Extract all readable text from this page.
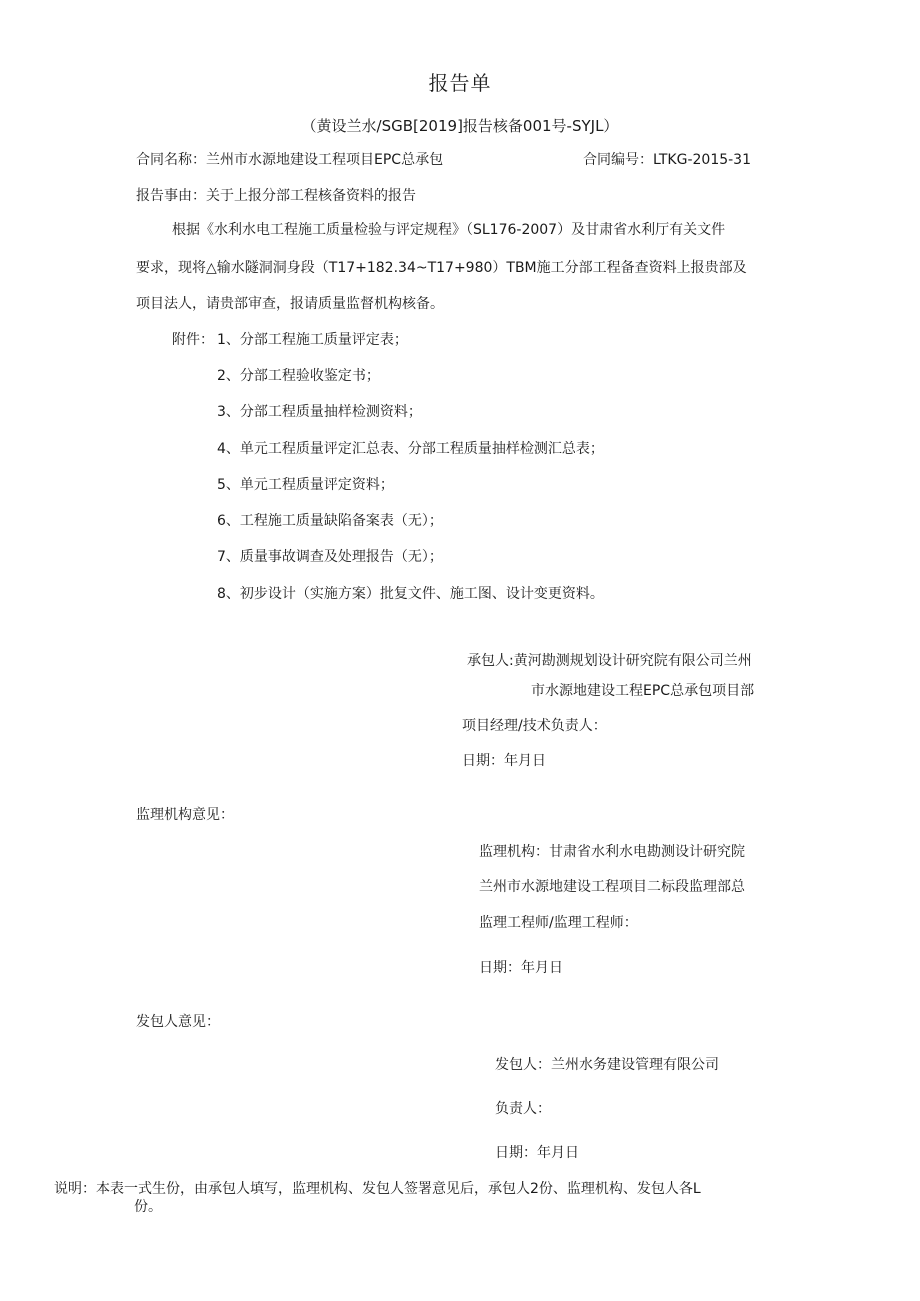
报告单
（黄设兰水/SGB[2019]报告核备001号-SYJL）
合同名称：兰州市水源地建设工程项目EPC总承包	合同编号：LTKG-2015-31
报告事由：关于上报分部工程核备资料的报告
根据《水利水电工程施工质量检验与评定规程》（SL176-2007）及甘肃省水利厅有关文件
要求，现将△输水隧洞洞身段（T17+182.34~T17+980）TBM施工分部工程备查资料上报贵部及
项目法人，请贵部审查，报请质量监督机构核备。
附件： 1、分部工程施工质量评定表；
2、分部工程验收鉴定书；
3、分部工程质量抽样检测资料；
4、单元工程质量评定汇总表、分部工程质量抽样检测汇总表；
5、单元工程质量评定资料；
6、工程施工质量缺陷备案表（无）；
7、质量事故调查及处理报告（无）；
8、初步设计（实施方案）批复文件、施工图、设计变更资料。
承包人:黄河勘测规划设计研究院有限公司兰州
市水源地建设工程EPC总承包项目部
项目经理/技术负责人：
日期：年月日
监理机构意见：
监理机构：甘肃省水利水电勘测设计研究院
兰州市水源地建设工程项目二标段监理部总
监理工程师/监理工程师：
日期：年月日
发包人意见：
发包人：兰州水务建设管理有限公司
负责人：
日期：年月日
说明：本表一式生份，由承包人填写，监理机构、发包人签署意见后，承包人2份、监理机构、发包人各L
份。
